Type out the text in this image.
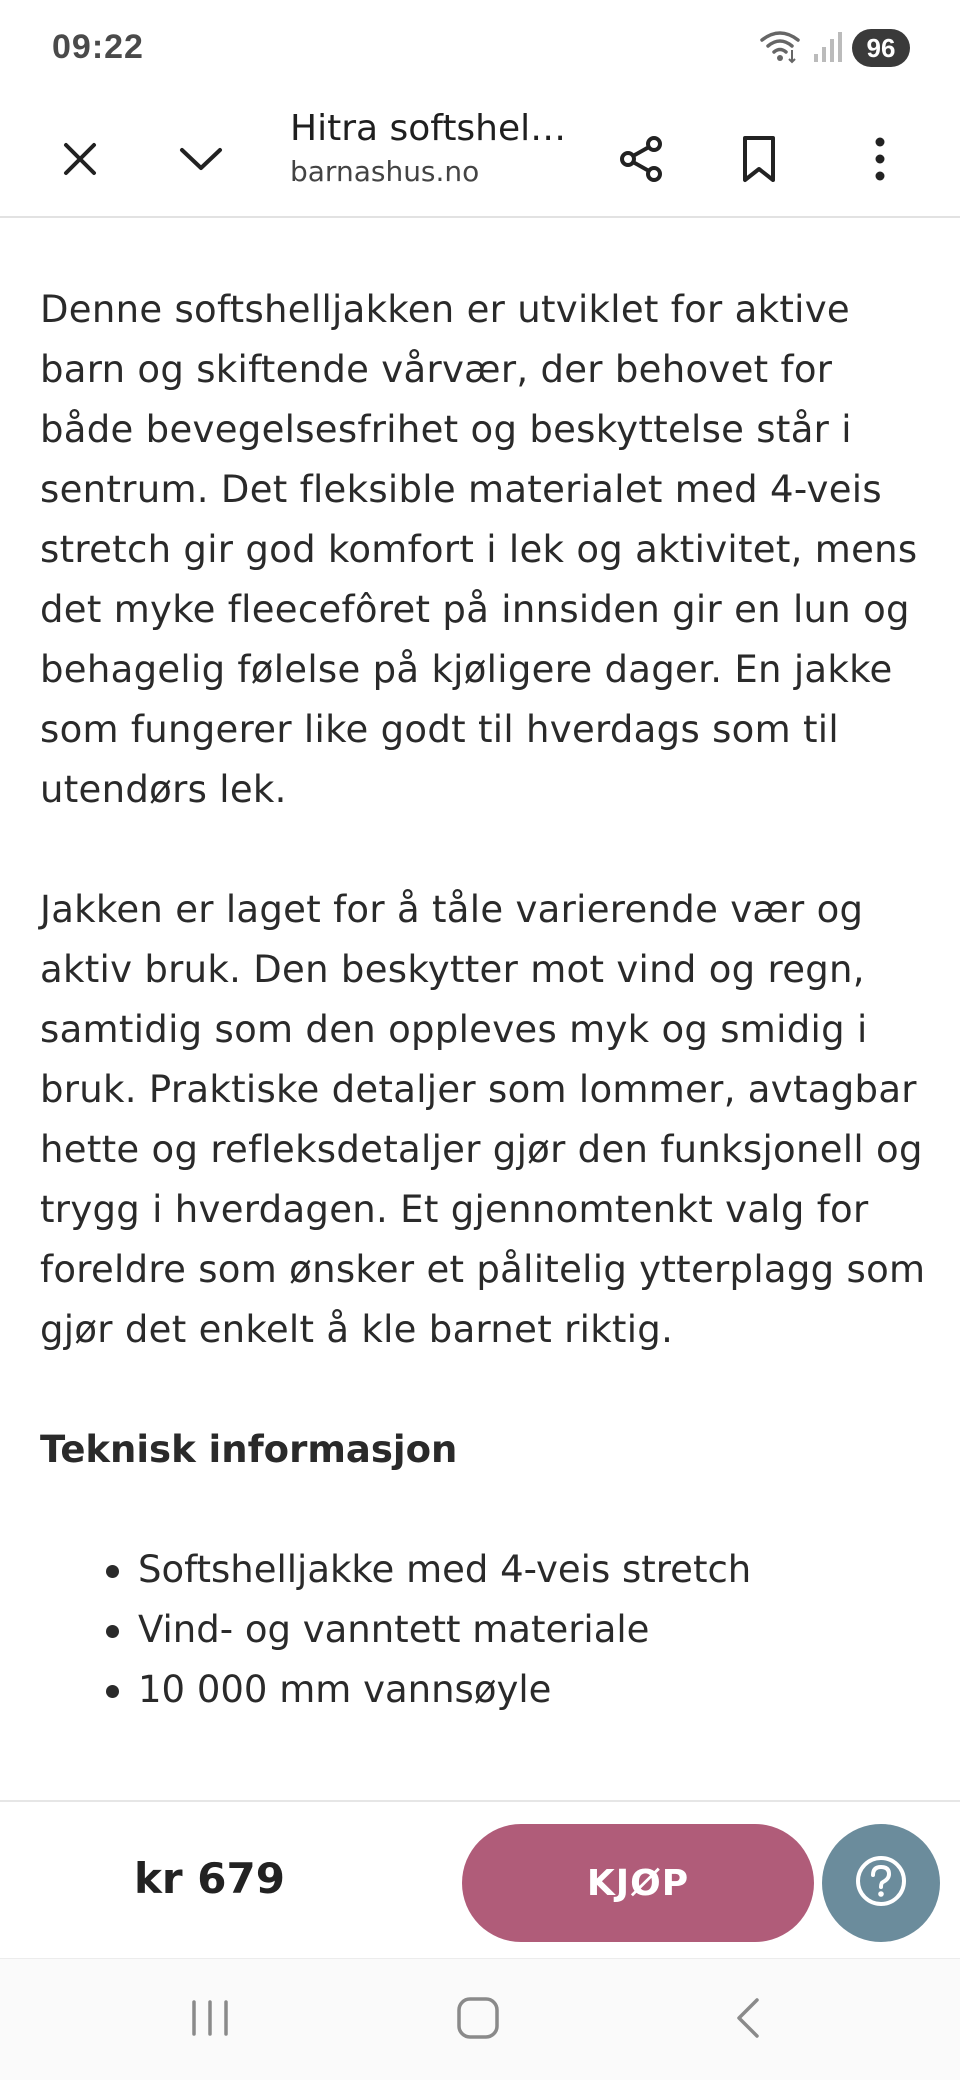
09:22	96
Hitra softshel…
barnashus.no

Denne softshelljakken er utviklet for aktive barn og skiftende vårvær, der behovet for både bevegelsesfrihet og beskyttelse står i sentrum. Det fleksible materialet med 4-veis stretch gir god komfort i lek og aktivitet, mens det myke fleecefôret på innsiden gir en lun og behagelig følelse på kjøligere dager. En jakke som fungerer like godt til hverdags som til utendørs lek.

Jakken er laget for å tåle varierende vær og aktiv bruk. Den beskytter mot vind og regn, samtidig som den oppleves myk og smidig i bruk. Praktiske detaljer som lommer, avtagbar hette og refleksdetaljer gjør den funksjonell og trygg i hverdagen. Et gjennomtenkt valg for foreldre som ønsker et pålitelig ytterplagg som gjør det enkelt å kle barnet riktig.

Teknisk informasjon
Softshelljakke med 4-veis stretch
Vind- og vanntett materiale
10 000 mm vannsøyle
kr 679	KJØP
